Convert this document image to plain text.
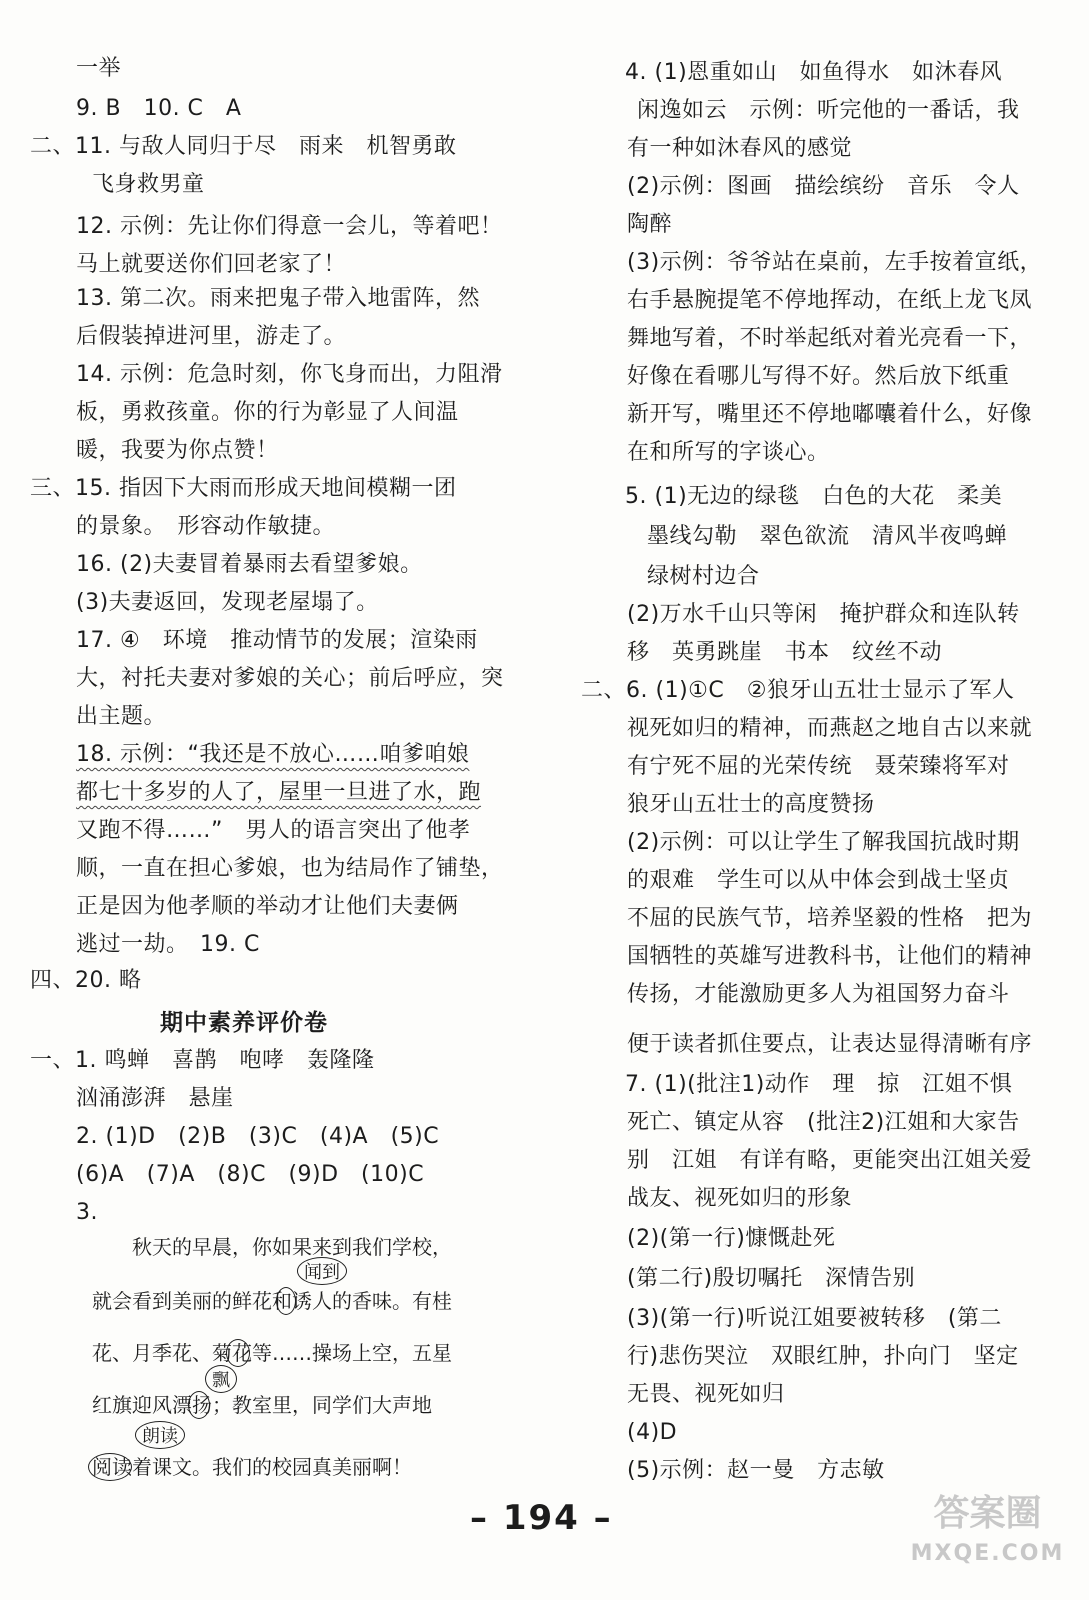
一举
9. B　10. C　A
二、11. 与敌人同归于尽　雨来　机智勇敢
飞身救男童
12. 示例：先让你们得意一会儿，等着吧！
马上就要送你们回老家了！
13. 第二次。雨来把鬼子带入地雷阵，然
后假装掉进河里，游走了。
14. 示例：危急时刻，你飞身而出，力阻滑
板，勇救孩童。你的行为彰显了人间温
暖，我要为你点赞！
三、15. 指因下大雨而形成天地间模糊一团
的景象。　形容动作敏捷。
16. (2)夫妻冒着暴雨去看望爹娘。
(3)夫妻返回，发现老屋塌了。
17. ④　环境　推动情节的发展；渲染雨
大，衬托夫妻对爹娘的关心；前后呼应，突
出主题。
18. 示例：“我还是不放心……咱爹咱娘
都七十多岁的人了，屋里一旦进了水，跑
又跑不得……”　男人的语言突出了他孝
顺，一直在担心爹娘，也为结局作了铺垫，
正是因为他孝顺的举动才让他们夫妻俩
逃过一劫。　19. C
四、20. 略
期中素养评价卷
一、1. 鸣蝉　喜鹊　咆哮　轰隆隆
汹涌澎湃　悬崖
2. (1)D　(2)B　(3)C　(4)A　(5)C
(6)A　(7)A　(8)C　(9)D　(10)C
3.
秋天的早晨，你如果来到我们学校，
闻到
就会看到美丽的鲜花和诱人的香味。有桂
花、月季花、菊花等……操场上空，五星
飘
红旗迎风漂扬；教室里，同学们大声地
朗读
阅读着课文。我们的校园真美丽啊！
4. (1)恩重如山　如鱼得水　如沐春风
闲逸如云　示例：听完他的一番话，我
有一种如沐春风的感觉
(2)示例：图画　描绘缤纷　音乐　令人
陶醉
(3)示例：爷爷站在桌前，左手按着宣纸，
右手悬腕提笔不停地挥动，在纸上龙飞凤
舞地写着，不时举起纸对着光亮看一下，
好像在看哪儿写得不好。然后放下纸重
新开写，嘴里还不停地嘟囔着什么，好像
在和所写的字谈心。
5. (1)无边的绿毯　白色的大花　柔美
墨线勾勒　翠色欲流　清风半夜鸣蝉
绿树村边合
(2)万水千山只等闲　掩护群众和连队转
移　英勇跳崖　书本　纹丝不动
二、6. (1)①C　②狼牙山五壮士显示了军人
视死如归的精神，而燕赵之地自古以来就
有宁死不屈的光荣传统　聂荣臻将军对
狼牙山五壮士的高度赞扬
(2)示例：可以让学生了解我国抗战时期
的艰难　学生可以从中体会到战士坚贞
不屈的民族气节，培养坚毅的性格　把为
国牺牲的英雄写进教科书，让他们的精神
传扬，才能激励更多人为祖国努力奋斗
便于读者抓住要点，让表达显得清晰有序
7. (1)(批注1)动作　理　掠　江姐不惧
死亡、镇定从容　(批注2)江姐和大家告
别　江姐　有详有略，更能突出江姐关爱
战友、视死如归的形象
(2)(第一行)慷慨赴死
(第二行)殷切嘱托　深情告别
(3)(第一行)听说江姐要被转移　(第二
行)悲伤哭泣　双眼红肿，扑向门　坚定
无畏、视死如归
(4)D
(5)示例：赵一曼　方志敏
– 194 –	答案圈
MXQE.COM
